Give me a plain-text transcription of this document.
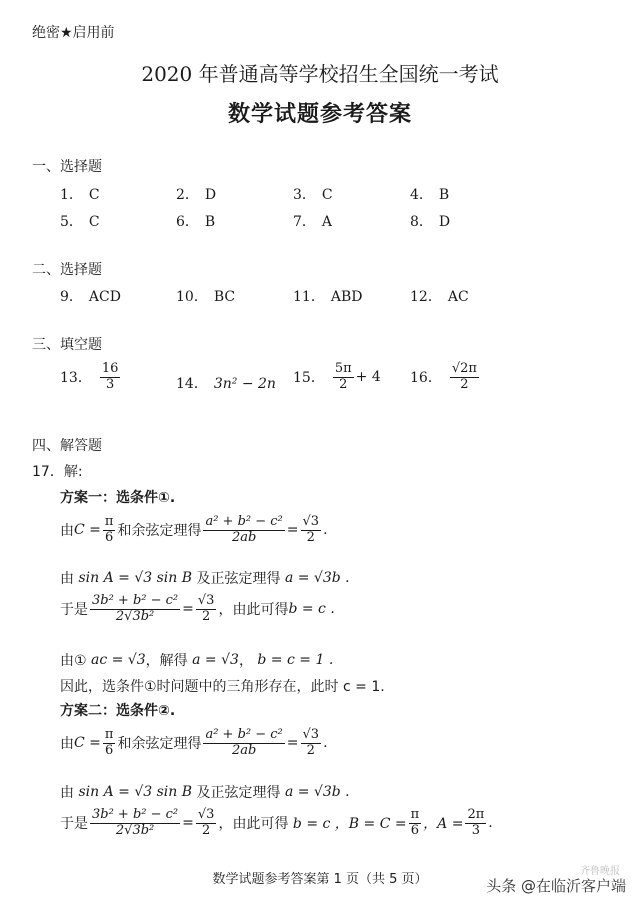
绝密★启用前
2020 年普通高等学校招生全国统一考试
数学试题参考答案
一、选择题
1． C	2． D	3． C	4． B
5． C	6． B	7． A	8． D
二、选择题
9． ACD	10． BC	11． ABD	12． AC
三、填空题
13． $\frac{16}{3}$	14． 3n² − 2n 15． $\frac{5\pi}{2} + 4$ 16． $\frac{√2\pi}{2}$
四、解答题
17．解:
方案一：选条件①.
由 $C = \frac{\pi}{6}$ 和余弦定理得 $\frac{\text{a² + b² − c²}}{2ab} = \frac{√3}{2}$ .
由
sin A = √3 sin B
及正弦定理得
a = √3b .
于是 $\frac{\text{3b² + b² − c²}}{\text{2√3b²}} = \frac{√3}{2}$ ，由此可得 b = c .
由①
ac = √3 ，解得
a = √3 ，
b = c = 1 .
因此，选条件①时问题中的三角形存在，此时 c = 1.
方案二：选条件②.
由 $C = \frac{\pi}{6}$ 和余弦定理得 $\frac{\text{a² + b² − c²}}{2ab} = \frac{√3}{2}$ .
由
sin A = √3 sin B
及正弦定理得
a = √3b .
于是 $\frac{\text{3b² + b² − c²}}{\text{2√3b²}} = \frac{√3}{2}$ ，由此可得
b = c ，$B = C = \frac{\pi}{6}$ ，$A = \frac{2\pi}{3}$ .
数学试题参考答案第 1 页（共 5 页）
齐鲁晚报
头条 @在临沂客户端
